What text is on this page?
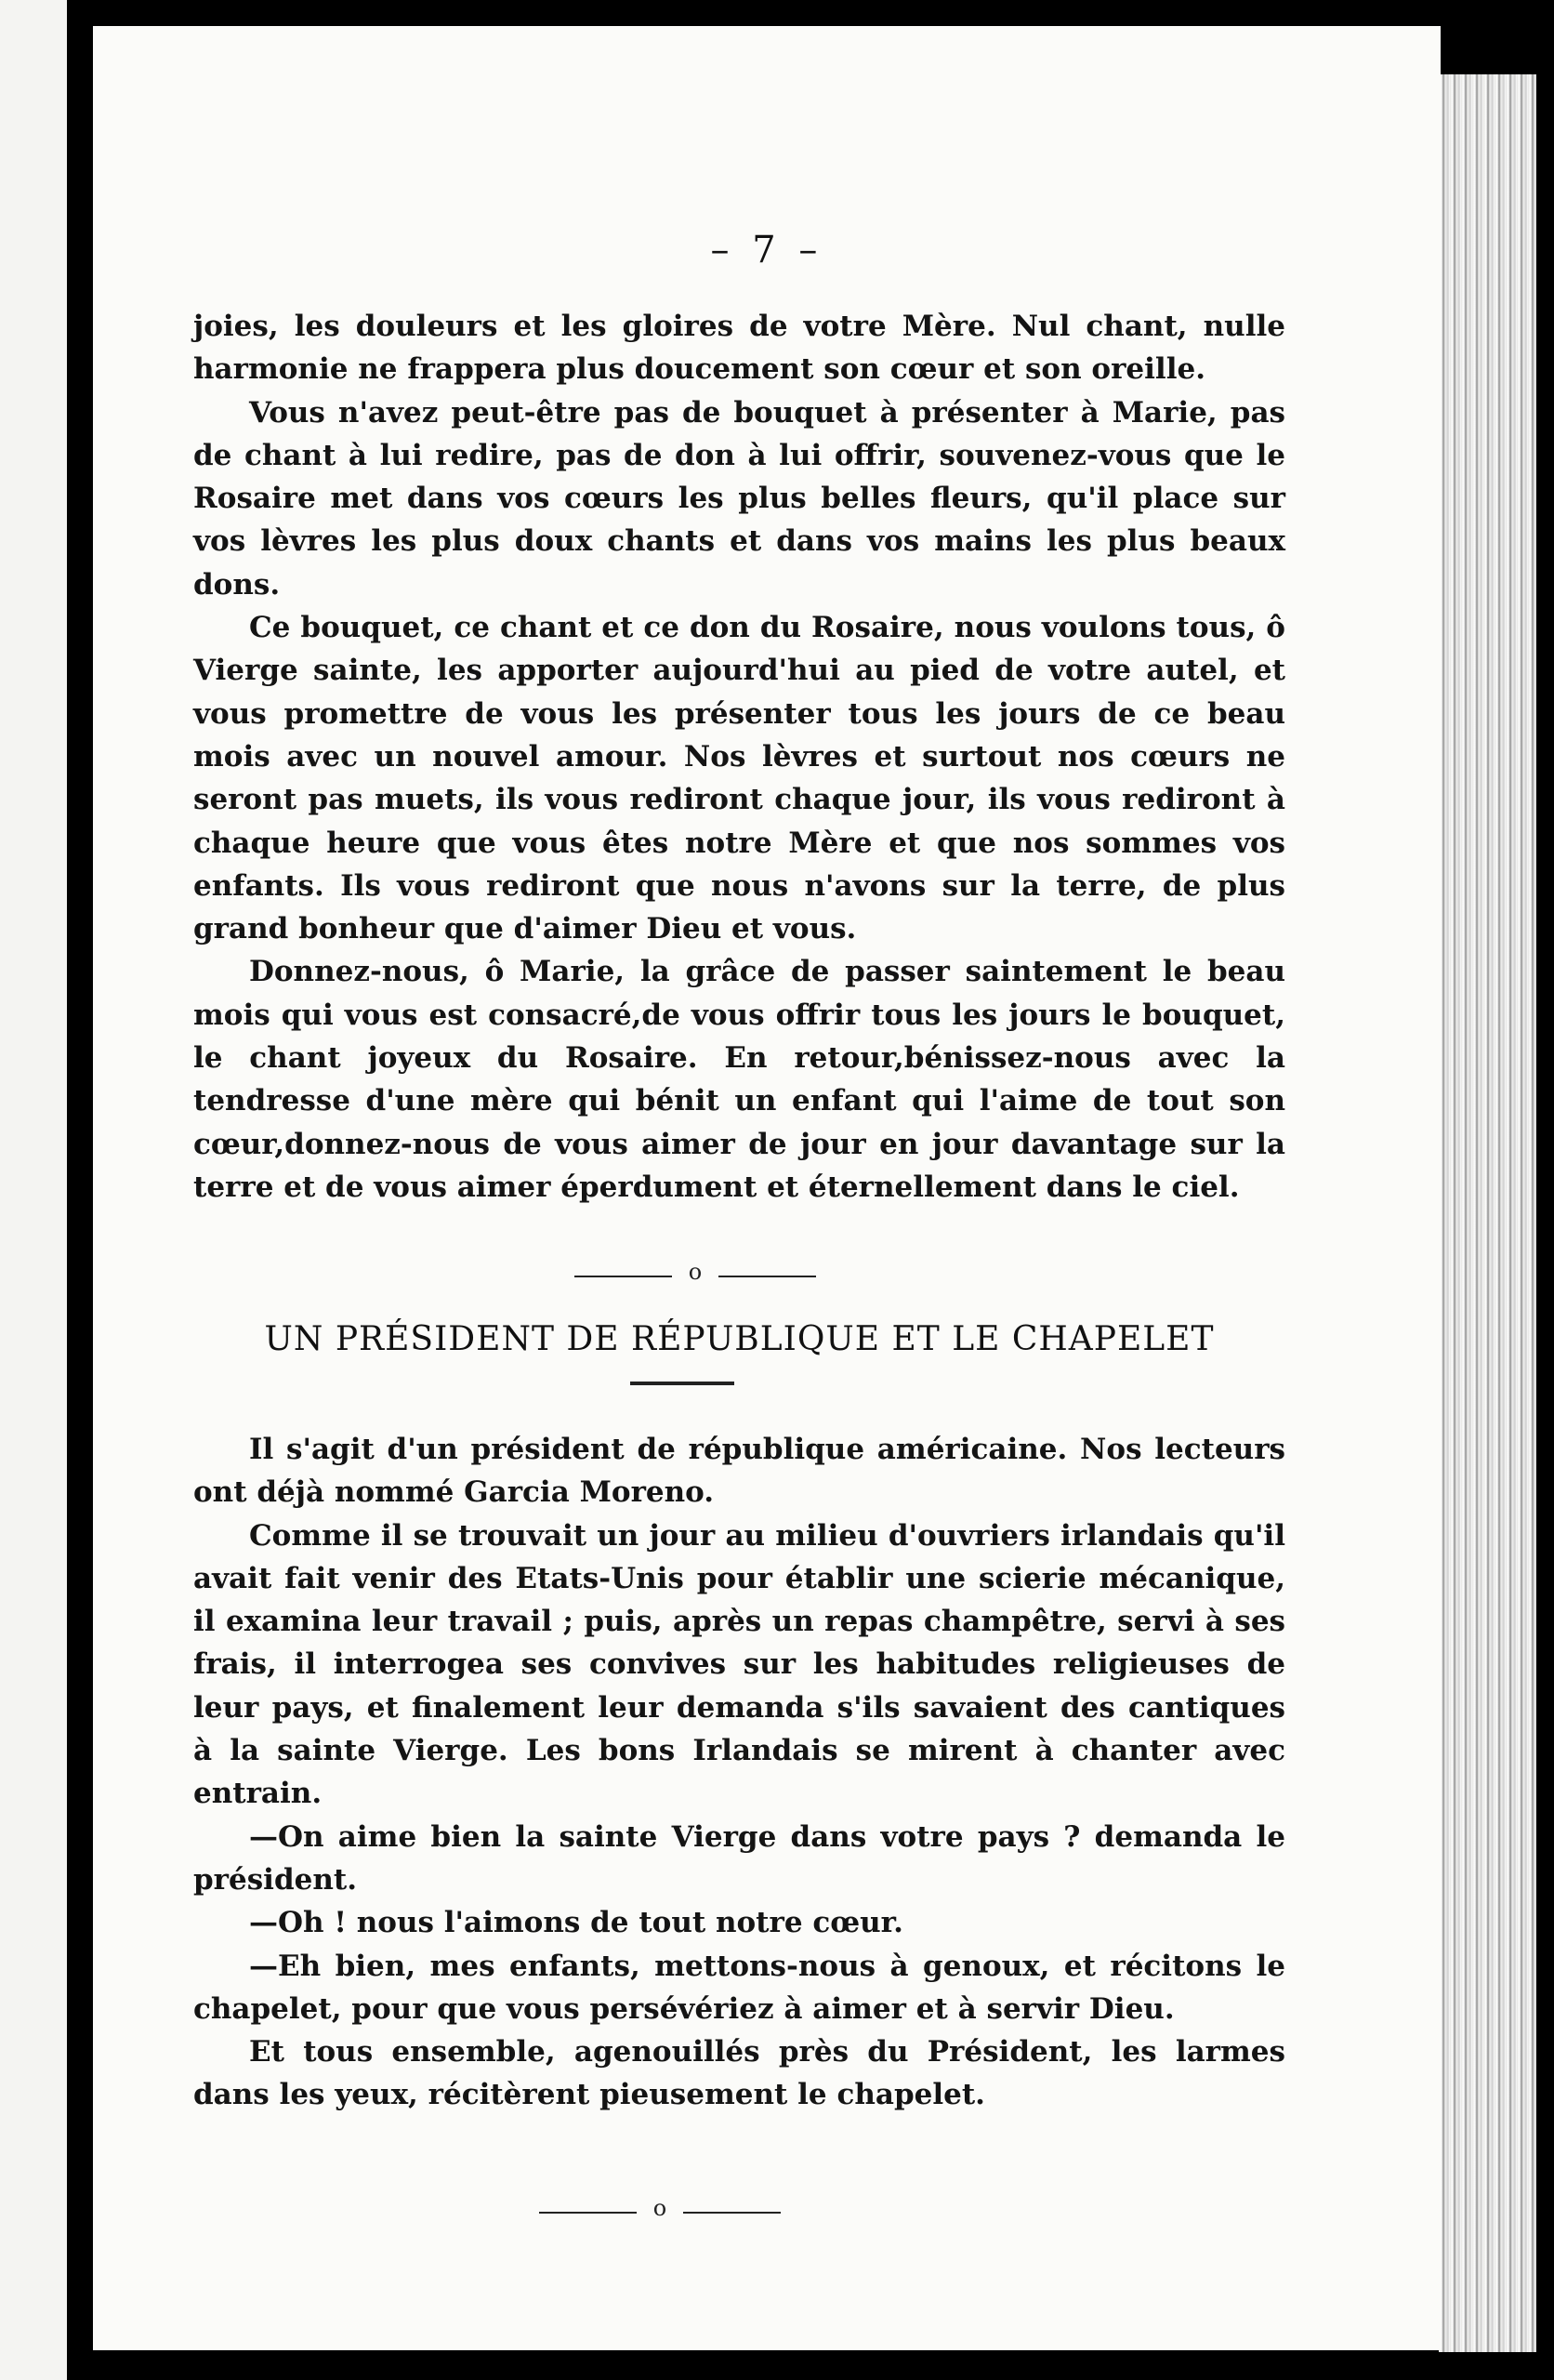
– 7 –

joies, les douleurs et les gloires de votre Mère. Nul chant, nulle harmonie ne frappera plus doucement son cœur et son oreille.

Vous n'avez peut-être pas de bouquet à présenter à Marie, pas de chant à lui redire, pas de don à lui offrir, souvenez-vous que le Rosaire met dans vos cœurs les plus belles fleurs, qu'il place sur vos lèvres les plus doux chants et dans vos mains les plus beaux dons.

Ce bouquet, ce chant et ce don du Rosaire, nous voulons tous, ô Vierge sainte, les apporter aujourd'hui au pied de votre autel, et vous promettre de vous les présenter tous les jours de ce beau mois avec un nouvel amour. Nos lèvres et surtout nos cœurs ne seront pas muets, ils vous rediront chaque jour, ils vous rediront à chaque heure que vous êtes notre Mère et que nos sommes vos enfants. Ils vous rediront que nous n'avons sur la terre, de plus grand bonheur que d'aimer Dieu et vous.

Donnez-nous, ô Marie, la grâce de passer saintement le beau mois qui vous est consacré,de vous offrir tous les jours le bouquet, le chant joyeux du Rosaire. En retour,bénissez-nous avec la tendresse d'une mère qui bénit un enfant qui l'aime de tout son cœur,donnez-nous de vous aimer de jour en jour davantage sur la terre et de vous aimer éperdument et éternellement dans le ciel.

o
UN PRÉSIDENT DE RÉPUBLIQUE ET LE CHAPELET

Il s'agit d'un président de république américaine. Nos lecteurs ont déjà nommé Garcia Moreno.

Comme il se trouvait un jour au milieu d'ouvriers irlandais qu'il avait fait venir des Etats-Unis pour établir une scierie mécanique, il examina leur travail ; puis, après un repas champêtre, servi à ses frais, il interrogea ses convives sur les habitudes religieuses de leur pays, et finalement leur demanda s'ils savaient des cantiques à la sainte Vierge. Les bons Irlandais se mirent à chanter avec entrain.

—On aime bien la sainte Vierge dans votre pays ? demanda le président.

—Oh ! nous l'aimons de tout notre cœur.

—Eh bien, mes enfants, mettons-nous à genoux, et récitons le chapelet, pour que vous persévériez à aimer et à servir Dieu.

Et tous ensemble, agenouillés près du Président, les larmes dans les yeux, récitèrent pieusement le chapelet.

o
